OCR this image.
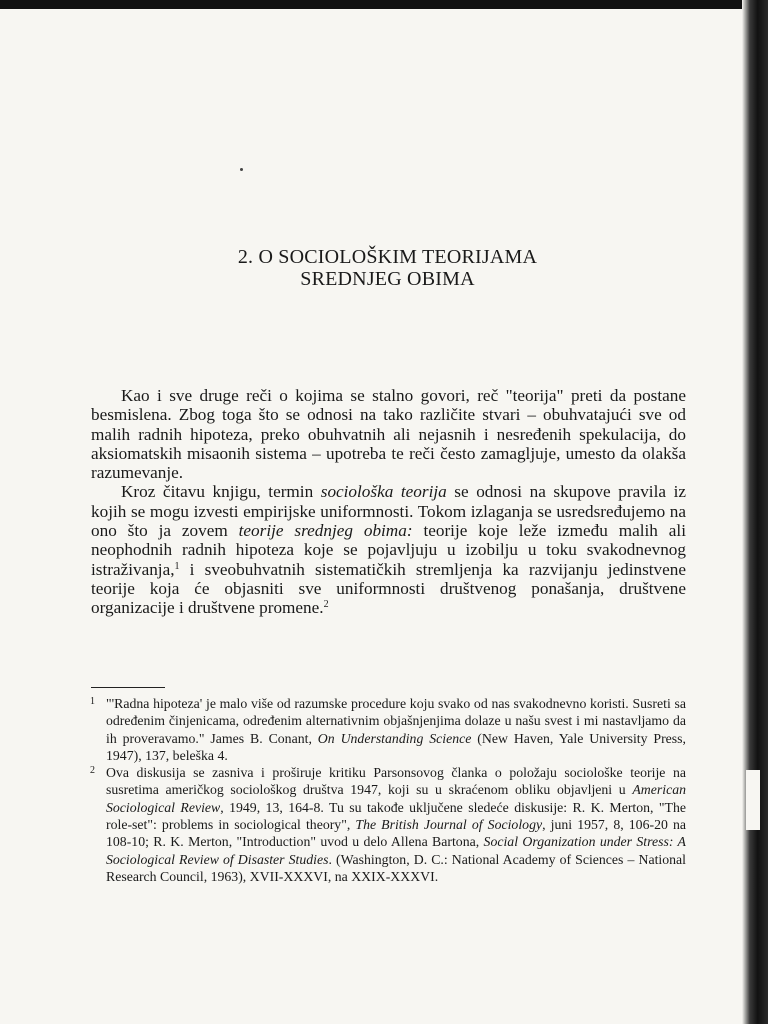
2. O SOCIOLOŠKIM TEORIJAMA
SREDNJEG OBIMA

Kao i sve druge reči o kojima se stalno govori, reč "teorija" preti da postane besmislena. Zbog toga što se odnosi na tako različite stvari – obuhvatajući sve od malih radnih hipoteza, preko obuhvatnih ali nejasnih i nesređenih spekulacija, do aksiomatskih misaonih sistema – upotreba te reči često zamagljuje, umesto da olakša razumevanje.

Kroz čitavu knjigu, termin sociološka teorija se odnosi na skupove pravila iz kojih se mogu izvesti empirijske uniformnosti. Tokom izlaganja se usredsređujemo na ono što ja zovem teorije srednjeg obima: teorije koje leže između malih ali neophodnih radnih hipoteza koje se pojavljuju u izobilju u toku svakodnevnog istraživanja,$^1$ i sveobuhvatnih sistematičkih stremljenja ka razvijanju jedinstvene teorije koja će objasniti sve uniformnosti društvenog ponašanja, društvene organizacije i društvene promene.$^2$

1 "'Radna hipoteza' je malo više od razumske procedure koju svako od nas svakodnevno koristi. Susreti sa određenim činjenicama, određenim alternativnim objašnjenjima dolaze u našu svest i mi nastavljamo da ih proveravamo." James B. Conant, On Understanding Science (New Haven, Yale University Press, 1947), 137, beleška 4.
2 Ova diskusija se zasniva i proširuje kritiku Parsonsovog članka o položaju sociološke teorije na susretima američkog sociološkog društva 1947, koji su u skraćenom obliku objavljeni u American Sociological Review, 1949, 13, 164-8. Tu su takođe uključene sledeće diskusije: R. K. Merton, "The role-set": problems in sociological theory", The British Journal of Sociology, juni 1957, 8, 106-20 na 108-10; R. K. Merton, "Introduction" uvod u delo Allena Bartona, Social Organization under Stress: A Sociological Review of Disaster Studies. (Washington, D. C.: National Academy of Sciences – National Research Council, 1963), XVII-XXXVI, na XXIX-XXXVI.
